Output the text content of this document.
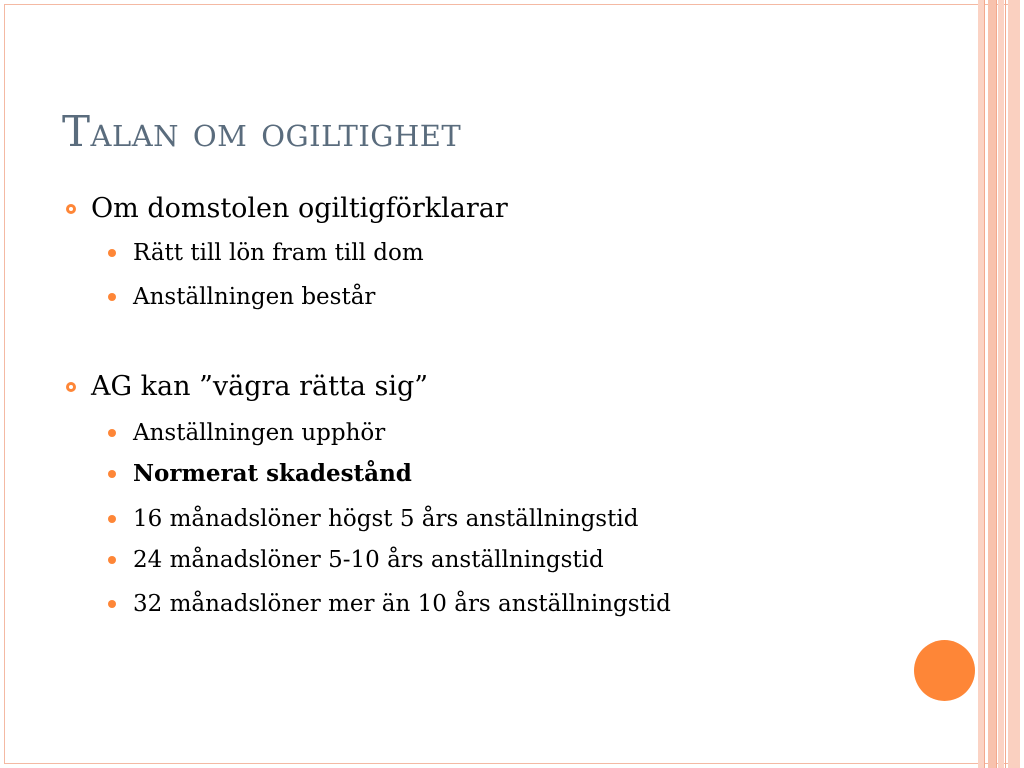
Talan om ogiltighet
Om domstolen ogiltigförklarar
Rätt till lön fram till dom
Anställningen består
AG kan ”vägra rätta sig”
Anställningen upphör
Normerat skadestånd
16 månadslöner högst 5 års anställningstid
24 månadslöner 5-10 års anställningstid
32 månadslöner mer än 10 års anställningstid
